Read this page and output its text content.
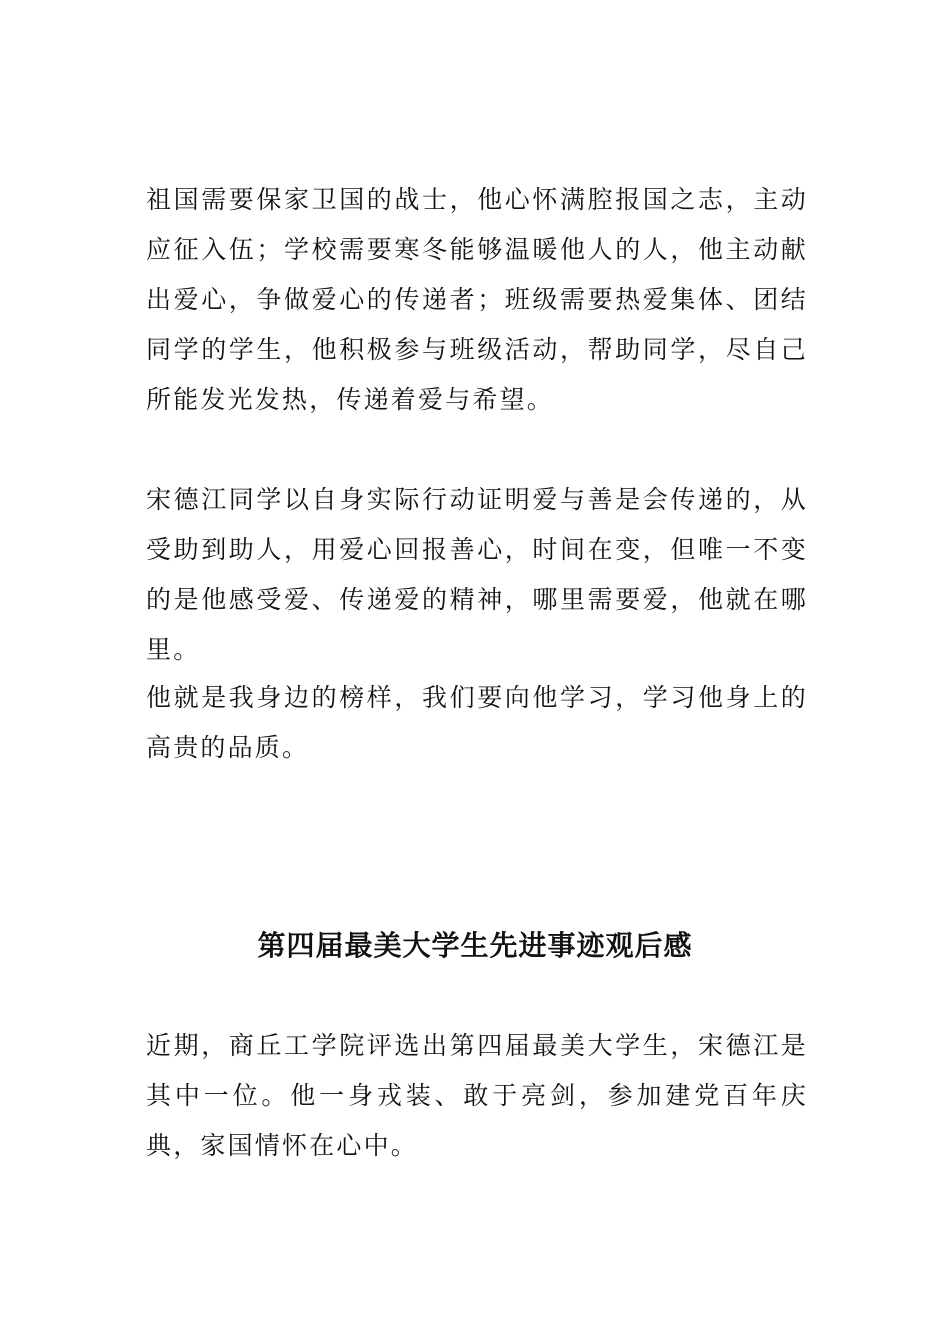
祖国需要保家卫国的战士，他心怀满腔报国之志，主动应征入伍；学校需要寒冬能够温暖他人的人，他主动献出爱心，争做爱心的传递者；班级需要热爱集体、团结同学的学生，他积极参与班级活动，帮助同学，尽自己所能发光发热，传递着爱与希望。

宋德江同学以自身实际行动证明爱与善是会传递的，从受助到助人，用爱心回报善心，时间在变，但唯一不变的是他感受爱、传递爱的精神，哪里需要爱，他就在哪里。

他就是我身边的榜样，我们要向他学习，学习他身上的高贵的品质。

第四届最美大学生先进事迹观后感

近期，商丘工学院评选出第四届最美大学生，宋德江是其中一位。他一身戎装、敢于亮剑，参加建党百年庆典，家国情怀在心中。
